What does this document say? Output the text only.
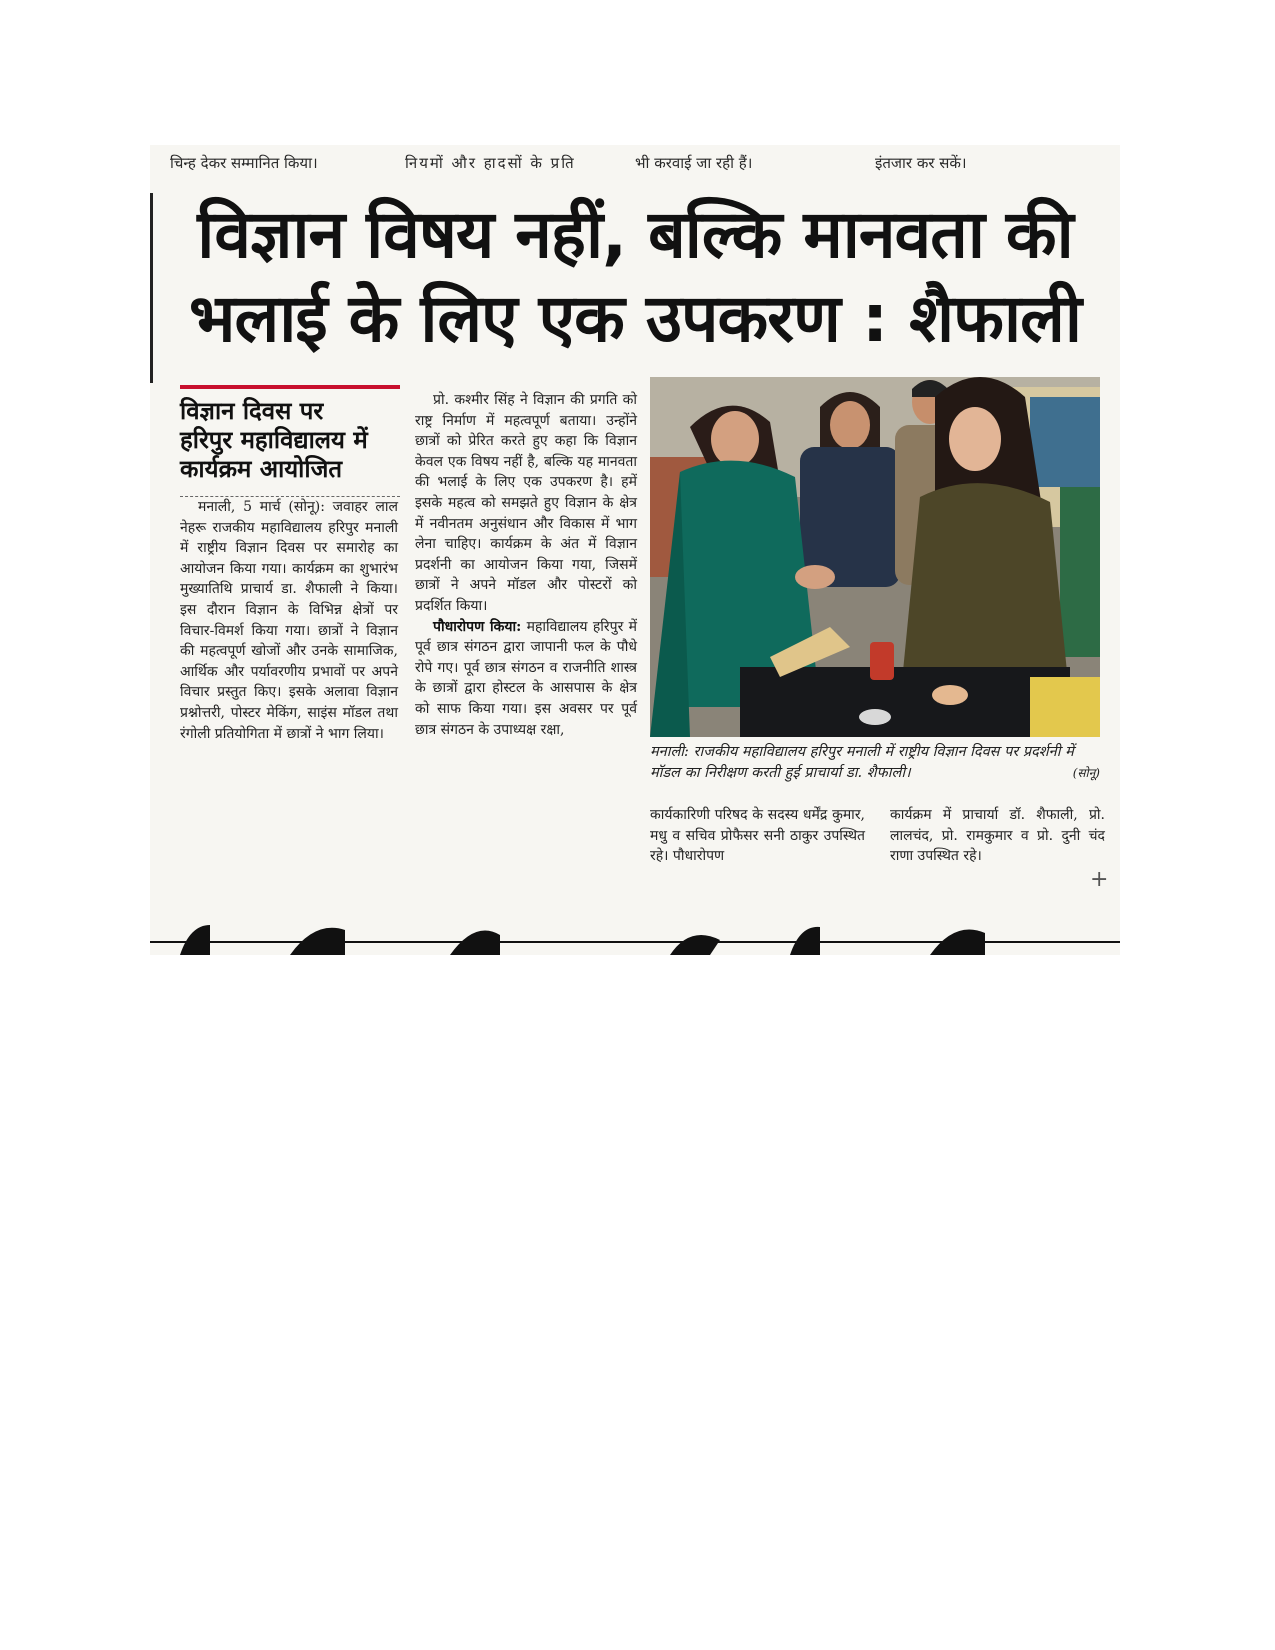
चिन्ह देकर सम्मानित किया।	नियमों और हादसों के प्रति	भी करवाई जा रही हैं।	इंतजार कर सकें।
विज्ञान विषय नहीं, बल्कि मानवता की
भलाई के लिए एक उपकरण : शैफाली
विज्ञान दिवस पर
हरिपुर महाविद्यालय में
कार्यक्रम आयोजित

मनाली, 5 मार्च (सोनू): जवाहर लाल नेहरू राजकीय महाविद्यालय हरिपुर मनाली में राष्ट्रीय विज्ञान दिवस पर समारोह का आयोजन किया गया। कार्यक्रम का शुभारंभ मुख्यातिथि प्राचार्य डा. शैफाली ने किया। इस दौरान विज्ञान के विभिन्न क्षेत्रों पर विचार-विमर्श किया गया। छात्रों ने विज्ञान की महत्वपूर्ण खोजों और उनके सामाजिक, आर्थिक और पर्यावरणीय प्रभावों पर अपने विचार प्रस्तुत किए। इसके अलावा विज्ञान प्रश्नोत्तरी, पोस्टर मेकिंग, साइंस मॉडल तथा रंगोली प्रतियोगिता में छात्रों ने भाग लिया।

प्रो. कश्मीर सिंह ने विज्ञान की प्रगति को राष्ट्र निर्माण में महत्वपूर्ण बताया। उन्होंने छात्रों को प्रेरित करते हुए कहा कि विज्ञान केवल एक विषय नहीं है, बल्कि यह मानवता की भलाई के लिए एक उपकरण है। हमें इसके महत्व को समझते हुए विज्ञान के क्षेत्र में नवीनतम अनुसंधान और विकास में भाग लेना चाहिए। कार्यक्रम के अंत में विज्ञान प्रदर्शनी का आयोजन किया गया, जिसमें छात्रों ने अपने मॉडल और पोस्टरों को प्रदर्शित किया।

पौधारोपण किया: महाविद्यालय हरिपुर में पूर्व छात्र संगठन द्वारा जापानी फल के पौधे रोपे गए। पूर्व छात्र संगठन व राजनीति शास्त्र के छात्रों द्वारा होस्टल के आसपास के क्षेत्र को साफ किया गया। इस अवसर पर पूर्व छात्र संगठन के उपाध्यक्ष रक्षा,

मनाली: राजकीय महाविद्यालय हरिपुर मनाली में राष्ट्रीय विज्ञान दिवस पर प्रदर्शनी में मॉडल का निरीक्षण करती हुई प्राचार्या डा. शैफाली।	(सोनू)

कार्यकारिणी परिषद के सदस्य धर्मेंद्र कुमार, मधु व सचिव प्रोफैसर सनी ठाकुर उपस्थित रहे। पौधारोपण

कार्यक्रम में प्राचार्या डॉ. शैफाली, प्रो. लालचंद, प्रो. रामकुमार व प्रो. दुनी चंद राणा उपस्थित रहे।

+
